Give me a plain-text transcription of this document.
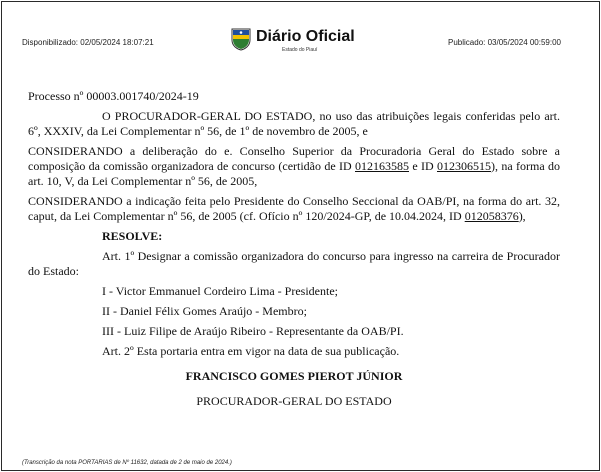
Disponibilizado: 02/05/2024 18:07:21	Diário Oficial
Estado do Piauí
Publicado: 03/05/2024 00:59:00

Processo nº 00003.001740/2024-19

O PROCURADOR-GERAL DO ESTADO, no uso das atribuições legais conferidas pelo art. 6º, XXXIV, da Lei Complementar nº 56, de 1º de novembro de 2005, e

CONSIDERANDO a deliberação do e. Conselho Superior da Procuradoria Geral do Estado sobre a composição da comissão organizadora de concurso (certidão de ID 012163585 e ID 012306515), na forma do art. 10, V, da Lei Complementar nº 56, de 2005,

CONSIDERANDO a indicação feita pelo Presidente do Conselho Seccional da OAB/PI, na forma do art. 32, caput, da Lei Complementar nº 56, de 2005 (cf. Ofício nº 120/2024-GP, de 10.04.2024, ID 012058376),

RESOLVE:

Art. 1º Designar a comissão organizadora do concurso para ingresso na carreira de Procurador do Estado:

I - Victor Emmanuel Cordeiro Lima - Presidente;

II - Daniel Félix Gomes Araújo - Membro;

III - Luiz Filipe de Araújo Ribeiro - Representante da OAB/PI.

Art. 2º Esta portaria entra em vigor na data de sua publicação.

FRANCISCO GOMES PIEROT JÚNIOR

PROCURADOR-GERAL DO ESTADO

(Transcrição da nota PORTARIAS de Nº 11632, datada de 2 de maio de 2024.)
